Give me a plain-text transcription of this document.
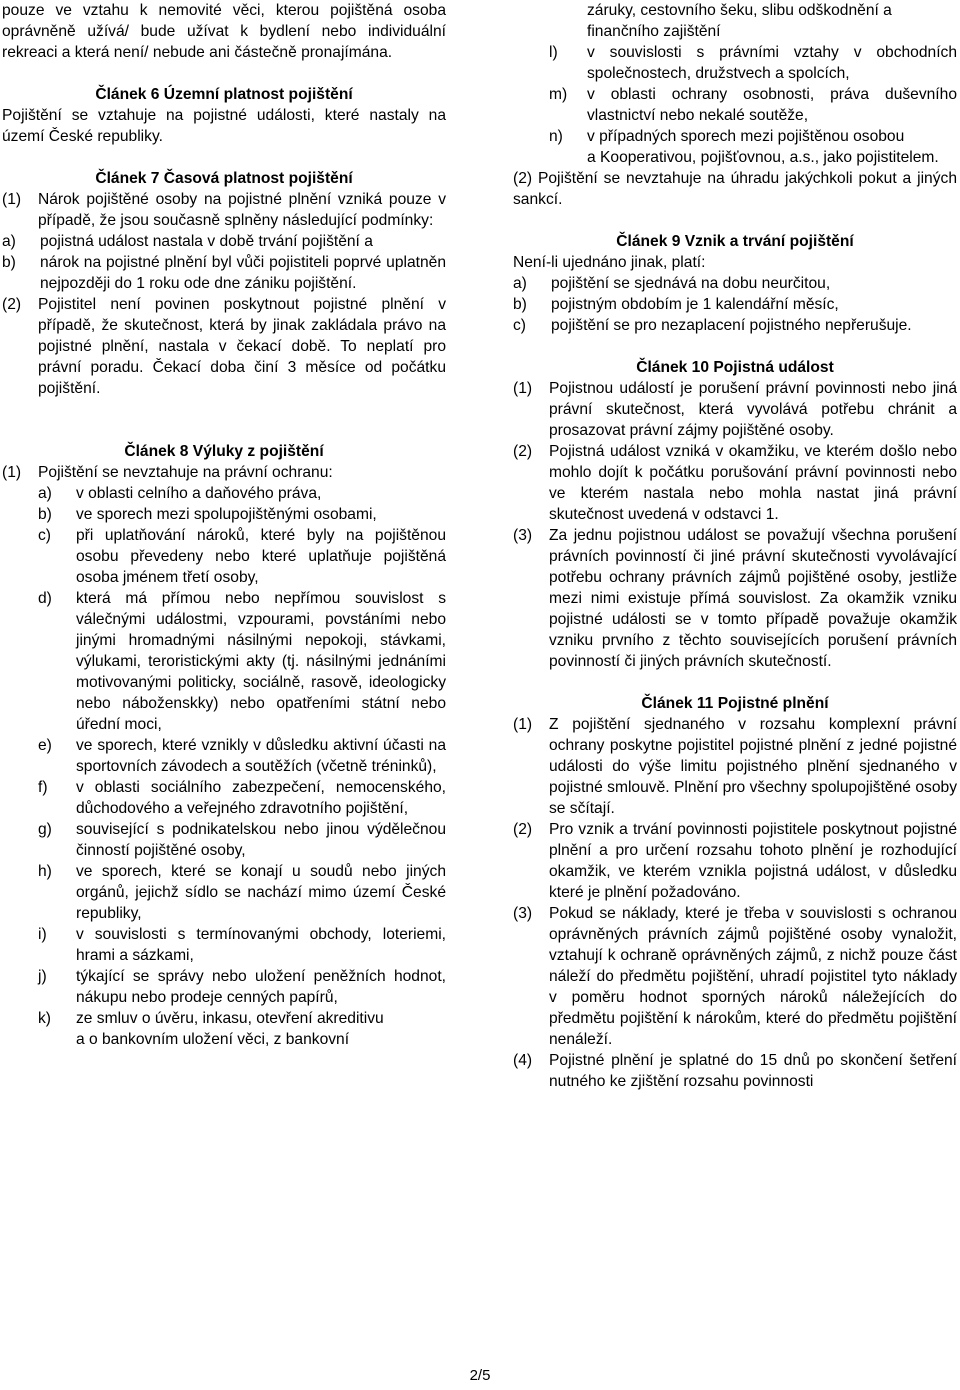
pouze ve vztahu k nemovité věci, kterou pojištěná osoba oprávněně užívá/ bude užívat k bydlení nebo individuální rekreaci a která není/ nebude ani částečně pronajímána.
Článek 6 Územní platnost pojištění
Pojištění se vztahuje na pojistné události, které nastaly na území České republiky.
Článek 7 Časová platnost pojištění
(1) Nárok pojištěné osoby na pojistné plnění vzniká pouze v případě, že jsou současně splněny následující podmínky:
a) pojistná událost nastala v době trvání pojištění a
b) nárok na pojistné plnění byl vůči pojistiteli poprvé uplatněn nejpozději do 1 roku ode dne zániku pojištění.
(2) Pojistitel není povinen poskytnout pojistné plnění v případě, že skutečnost, která by jinak zakládala právo na pojistné plnění, nastala v čekací době. To neplatí pro právní poradu. Čekací doba činí 3 měsíce od počátku pojištění.
Článek 8 Výluky z pojištění
(1) Pojištění se nevztahuje na právní ochranu:
a) v oblasti celního a daňového práva,
b) ve sporech mezi spolupojištěnými osobami,
c) při uplatňování nároků, které byly na pojištěnou osobu převedeny nebo které uplatňuje pojištěná osoba jménem třetí osoby,
d) která má přímou nebo nepřímou souvislost s válečnými událostmi, vzpourami, povstáními nebo jinými hromadnými násilnými nepokoji, stávkami, výlukami, teroristickými akty (tj. násilnými jednáními motivovanými politicky, sociálně, rasově, ideologicky nebo náboženskky) nebo opatřeními státní nebo úřední moci,
e) ve sporech, které vznikly v důsledku aktivní účasti na sportovních závodech a soutěžích (včetně tréninků),
f) v oblasti sociálního zabezpečení, nemocenského, důchodového a veřejného zdravotního pojištění,
g) související s podnikatelskou nebo jinou výdělečnou činností pojištěné osoby,
h) ve sporech, které se konají u soudů nebo jiných orgánů, jejichž sídlo se nachází mimo území České republiky,
i) v souvislosti s termínovanými obchody, loteriemi, hrami a sázkami,
j) týkající se správy nebo uložení peněžních hodnot, nákupu nebo prodeje cenných papírů,
k) ze smluv o úvěru, inkasu, otevření akreditivu
a o bankovním uložení věci, z bankovní
záruky, cestovního šeku, slibu odškodnění a finančního zajištění
l) v souvislosti s právními vztahy v obchodních společnostech, družstvech a spolcích,
m) v oblasti ochrany osobnosti, práva duševního vlastnictví nebo nekalé soutěže,
n) v případných sporech mezi pojištěnou osobou
a Kooperativou, pojišťovnou, a.s., jako pojistitelem.
(2) Pojištění se nevztahuje na úhradu jakýchkoli pokut a jiných sankcí.
Článek 9 Vznik a trvání pojištění
Není-li ujednáno jinak, platí:
a) pojištění se sjednává na dobu neurčitou,
b) pojistným obdobím je 1 kalendářní měsíc,
c) pojištění se pro nezaplacení pojistného nepřerušuje.
Článek 10 Pojistná událost
(1) Pojistnou událostí je porušení právní povinnosti nebo jiná právní skutečnost, která vyvolává potřebu chránit a prosazovat právní zájmy pojištěné osoby.
(2) Pojistná událost vzniká v okamžiku, ve kterém došlo nebo mohlo dojít k počátku porušování právní povinnosti nebo ve kterém nastala nebo mohla nastat jiná právní skutečnost uvedená v odstavci 1.
(3) Za jednu pojistnou událost se považují všechna porušení právních povinností či jiné právní skutečnosti vyvolávající potřebu ochrany právních zájmů pojištěné osoby, jestliže mezi nimi existuje přímá souvislost. Za okamžik vzniku pojistné události se v tomto případě považuje okamžik vzniku prvního z těchto souvisejících porušení právních povinností či jiných právních skutečností.
Článek 11 Pojistné plnění
(1) Z pojištění sjednaného v rozsahu komplexní právní ochrany poskytne pojistitel pojistné plnění z jedné pojistné události do výše limitu pojistného plnění sjednaného v pojistné smlouvě. Plnění pro všechny spolupojištěné osoby se sčítají.
(2) Pro vznik a trvání povinnosti pojistitele poskytnout pojistné plnění a pro určení rozsahu tohoto plnění je rozhodující okamžik, ve kterém vznikla pojistná událost, v důsledku které je plnění požadováno.
(3) Pokud se náklady, které je třeba v souvislosti s ochranou oprávněných právních zájmů pojištěné osoby vynaložit, vztahují k ochraně oprávněných zájmů, z nichž pouze část náleží do předmětu pojištění, uhradí pojistitel tyto náklady v poměru hodnot sporných nároků náležejících do předmětu pojištění k nárokům, které do předmětu pojištění nenáleží.
(4) Pojistné plnění je splatné do 15 dnů po skončení šetření nutného ke zjištění rozsahu povinnosti
2/5
